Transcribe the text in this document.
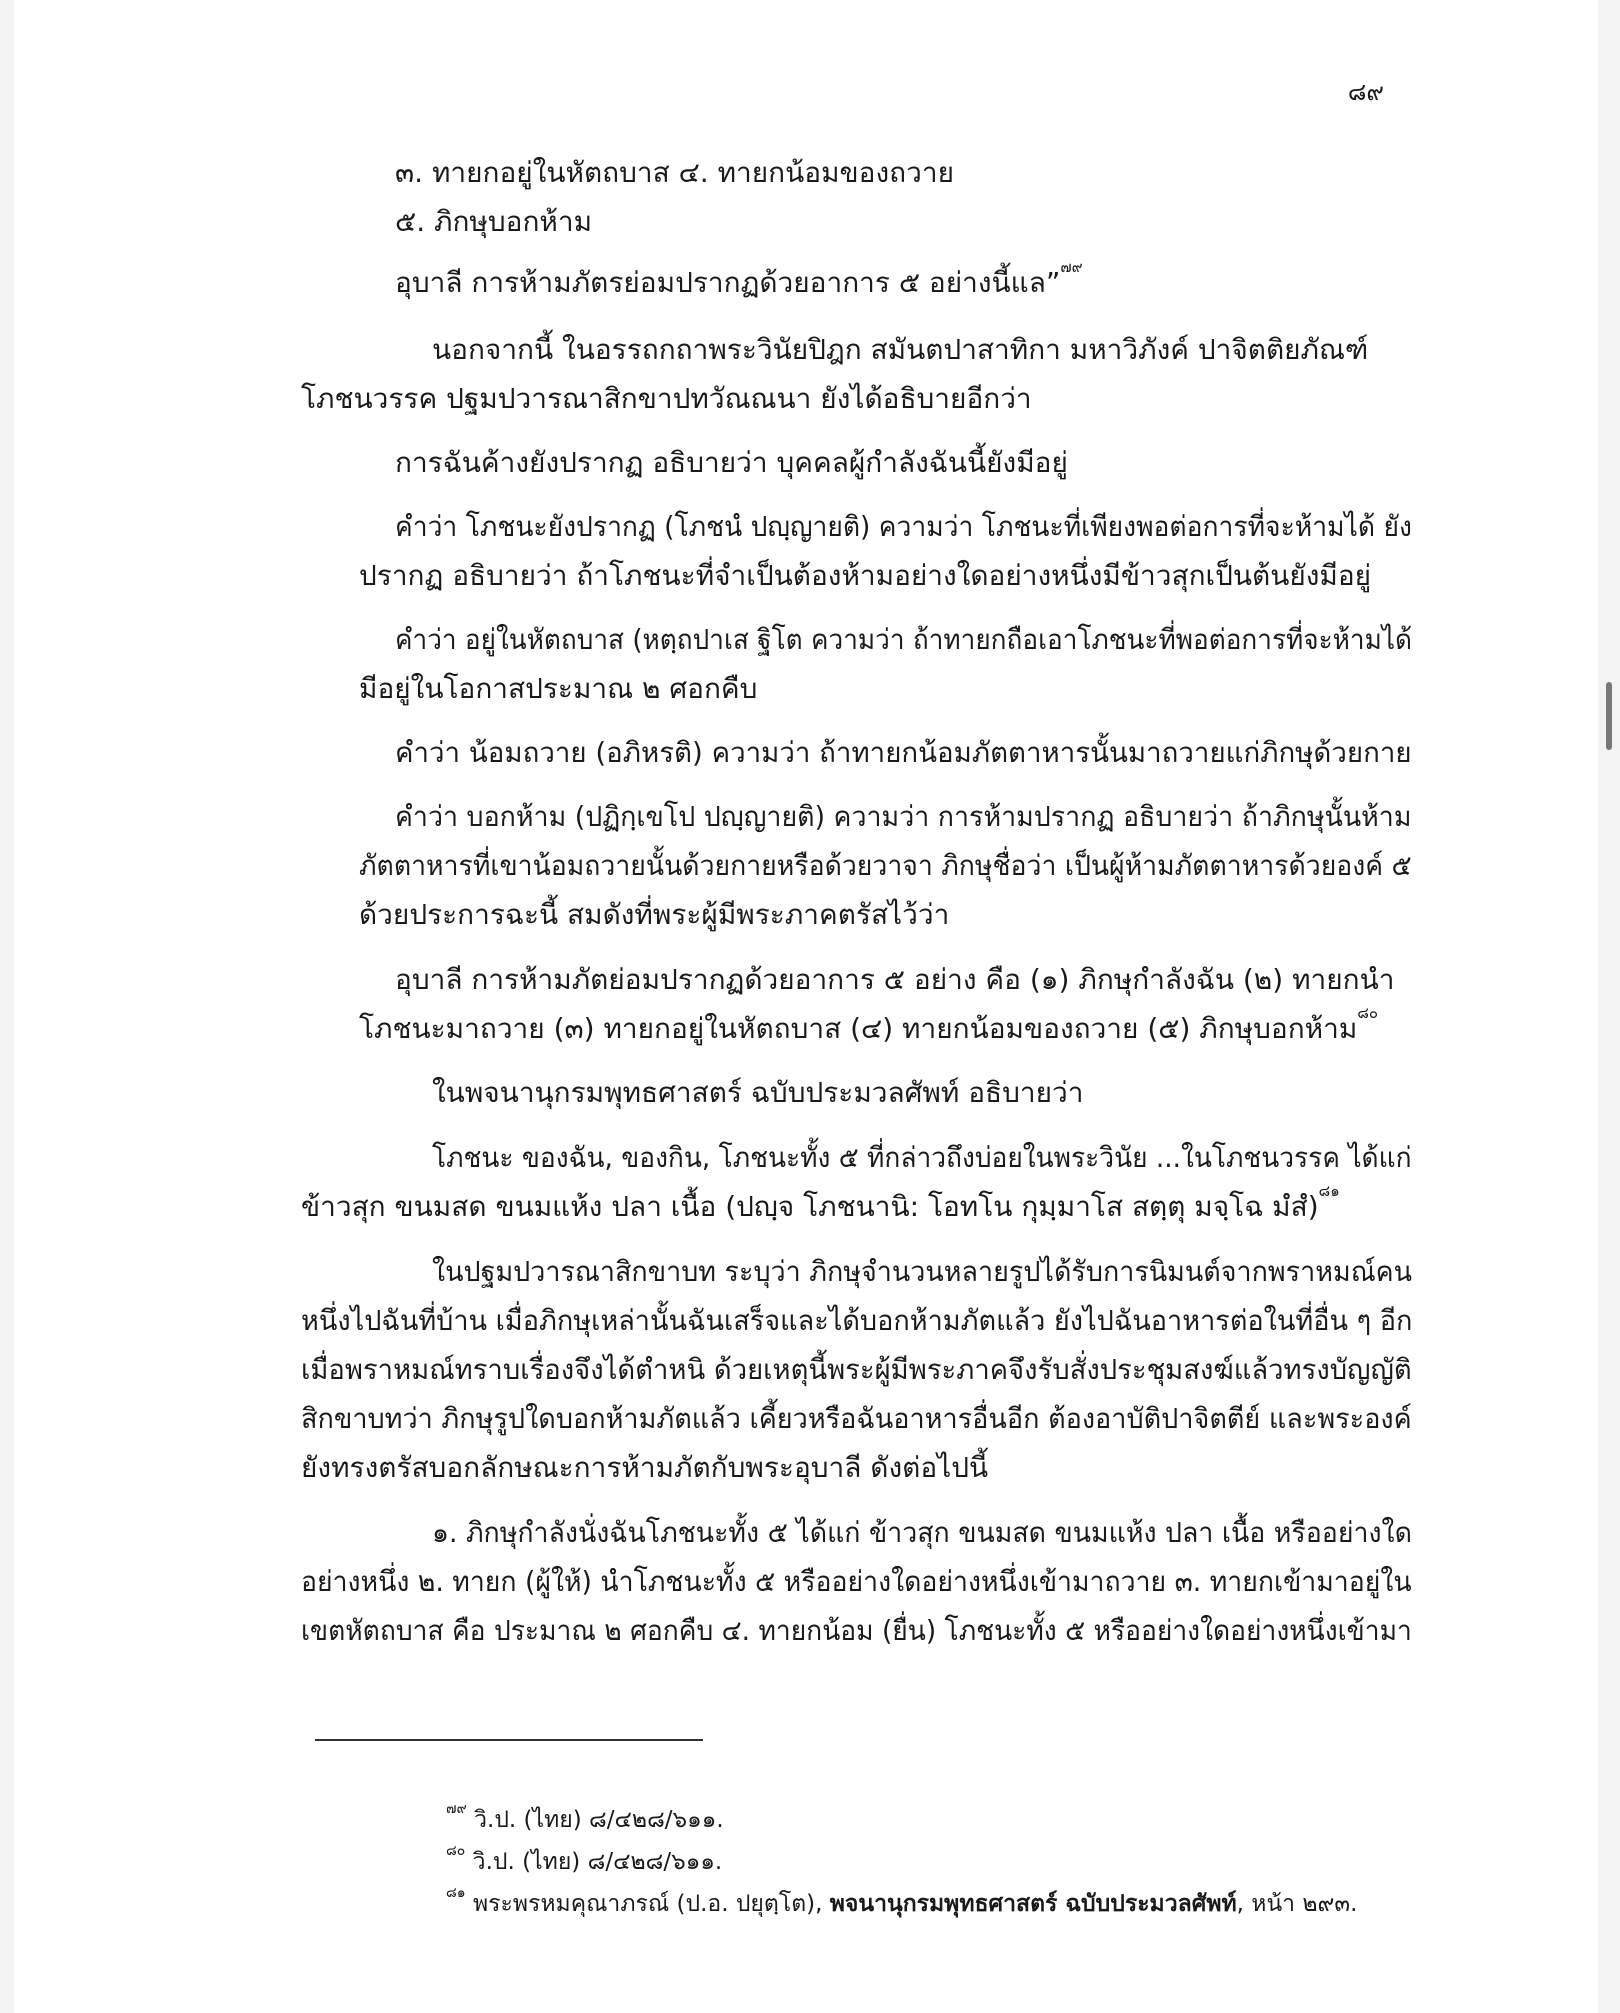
๘๙
๓. ทายกอยู่ในหัตถบาส ๔. ทายกน้อมของถวาย
๕. ภิกษุบอกห้าม
อุบาลี การห้ามภัตรย่อมปรากฏด้วยอาการ ๕ อย่างนี้แล”$^{๗๙}$
นอกจากนี้ ในอรรถกถาพระวินัยปิฎก สมันตปาสาทิกา มหาวิภังค์ ปาจิตติยภัณฑ์
โภชนวรรค ปฐมปวารณาสิกขาปทวัณณนา ยังได้อธิบายอีกว่า
การฉันค้างยังปรากฏ อธิบายว่า บุคคลผู้กำลังฉันนี้ยังมีอยู่
คำว่า โภชนะยังปรากฏ (โภชนํ ปญฺญายติ) ความว่า โภชนะที่เพียงพอต่อการที่จะห้ามได้ ยัง
ปรากฏ อธิบายว่า ถ้าโภชนะที่จำเป็นต้องห้ามอย่างใดอย่างหนึ่งมีข้าวสุกเป็นต้นยังมีอยู่
คำว่า อยู่ในหัตถบาส (หตฺถปาเส ฐิโต ความว่า ถ้าทายกถือเอาโภชนะที่พอต่อการที่จะห้ามได้
มีอยู่ในโอกาสประมาณ ๒ ศอกคืบ
คำว่า น้อมถวาย (อภิหรติ) ความว่า ถ้าทายกน้อมภัตตาหารนั้นมาถวายแก่ภิกษุด้วยกาย
คำว่า บอกห้าม (ปฏิกฺเขโป ปญฺญายติ) ความว่า การห้ามปรากฏ อธิบายว่า ถ้าภิกษุนั้นห้าม
ภัตตาหารที่เขาน้อมถวายนั้นด้วยกายหรือด้วยวาจา ภิกษุชื่อว่า เป็นผู้ห้ามภัตตาหารด้วยองค์ ๕
ด้วยประการฉะนี้ สมดังที่พระผู้มีพระภาคตรัสไว้ว่า
อุบาลี การห้ามภัตย่อมปรากฏด้วยอาการ ๕ อย่าง คือ (๑) ภิกษุกำลังฉัน (๒) ทายกนำ
โภชนะมาถวาย (๓) ทายกอยู่ในหัตถบาส (๔) ทายกน้อมของถวาย (๕) ภิกษุบอกห้าม$^{๘๐}$
ในพจนานุกรมพุทธศาสตร์ ฉบับประมวลศัพท์ อธิบายว่า
โภชนะ ของฉัน, ของกิน, โภชนะทั้ง ๕ ที่กล่าวถึงบ่อยในพระวินัย ...ในโภชนวรรค ได้แก่
ข้าวสุก ขนมสด ขนมแห้ง ปลา เนื้อ (ปญฺจ โภชนานิ: โอทโน กุมฺมาโส สตฺตุ มจฺโฉ มํสํ)$^{๘๑}$
ในปฐมปวารณาสิกขาบท ระบุว่า ภิกษุจำนวนหลายรูปได้รับการนิมนต์จากพราหมณ์คน
หนึ่งไปฉันที่บ้าน เมื่อภิกษุเหล่านั้นฉันเสร็จและได้บอกห้ามภัตแล้ว ยังไปฉันอาหารต่อในที่อื่น ๆ อีก
เมื่อพราหมณ์ทราบเรื่องจึงได้ตำหนิ ด้วยเหตุนี้พระผู้มีพระภาคจึงรับสั่งประชุมสงฆ์แล้วทรงบัญญัติ
สิกขาบทว่า ภิกษุรูปใดบอกห้ามภัตแล้ว เคี้ยวหรือฉันอาหารอื่นอีก ต้องอาบัติปาจิตตีย์ และพระองค์
ยังทรงตรัสบอกลักษณะการห้ามภัตกับพระอุบาลี ดังต่อไปนี้
๑. ภิกษุกำลังนั่งฉันโภชนะทั้ง ๕ ได้แก่ ข้าวสุก ขนมสด ขนมแห้ง ปลา เนื้อ หรืออย่างใด
อย่างหนึ่ง ๒. ทายก (ผู้ให้) นำโภชนะทั้ง ๕ หรืออย่างใดอย่างหนึ่งเข้ามาถวาย ๓. ทายกเข้ามาอยู่ใน
เขตหัตถบาส คือ ประมาณ ๒ ศอกคืบ ๔. ทายกน้อม (ยื่น) โภชนะทั้ง ๕ หรืออย่างใดอย่างหนึ่งเข้ามา
$^{๗๙}$ วิ.ป. (ไทย) ๘/๔๒๘/๖๑๑.
$^{๘๐}$ วิ.ป. (ไทย) ๘/๔๒๘/๖๑๑.
$^{๘๑}$ พระพรหมคุณาภรณ์ (ป.อ. ปยุตฺโต), พจนานุกรมพุทธศาสตร์ ฉบับประมวลศัพท์, หน้า ๒๙๓.
